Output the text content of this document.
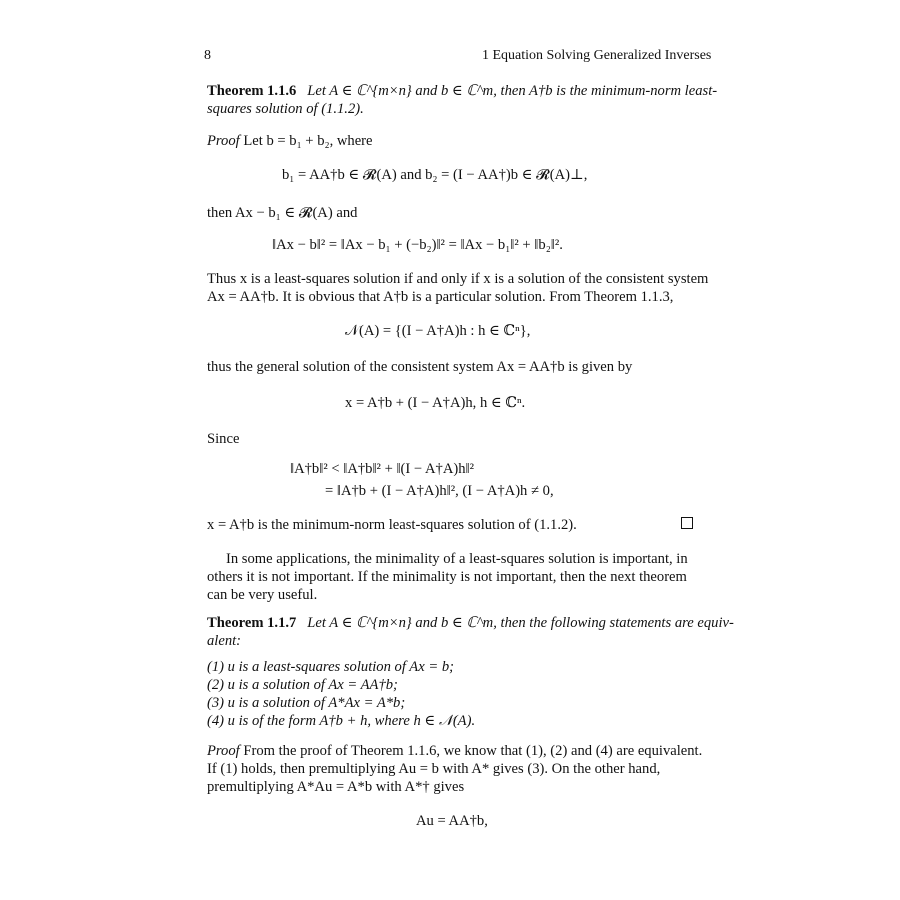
8	1 Equation Solving Generalized Inverses
Theorem 1.1.6 Let A ∈ ℂ^{m×n} and b ∈ ℂ^m, then A†b is the minimum-norm least-
squares solution of (1.1.2).
Proof Let b = b₁ + b₂, where
b₁ = AA†b ∈ 𝓡(A) and b₂ = (I − AA†)b ∈ 𝓡(A)⊥,
then Ax − b₁ ∈ 𝓡(A) and
‖Ax − b‖² = ‖Ax − b₁ + (−b₂)‖² = ‖Ax − b₁‖² + ‖b₂‖².
Thus x is a least-squares solution if and only if x is a solution of the consistent system
Ax = AA†b. It is obvious that A†b is a particular solution. From Theorem 1.1.3,
𝒩(A) = {(I − A†A)h : h ∈ ℂⁿ},
thus the general solution of the consistent system Ax = AA†b is given by
x = A†b + (I − A†A)h, h ∈ ℂⁿ.
Since
‖A†b‖² < ‖A†b‖² + ‖(I − A†A)h‖²
= ‖A†b + (I − A†A)h‖², (I − A†A)h ≠ 0,
x = A†b is the minimum-norm least-squares solution of (1.1.2).
In some applications, the minimality of a least-squares solution is important, in
others it is not important. If the minimality is not important, then the next theorem
can be very useful.
Theorem 1.1.7 Let A ∈ ℂ^{m×n} and b ∈ ℂ^m, then the following statements are equiv-
alent:
(1) u is a least-squares solution of Ax = b;
(2) u is a solution of Ax = AA†b;
(3) u is a solution of A*Ax = A*b;
(4) u is of the form A†b + h, where h ∈ 𝒩(A).
Proof From the proof of Theorem 1.1.6, we know that (1), (2) and (4) are equivalent.
If (1) holds, then premultiplying Au = b with A* gives (3). On the other hand,
premultiplying A*Au = A*b with A*† gives
Au = AA†b,
